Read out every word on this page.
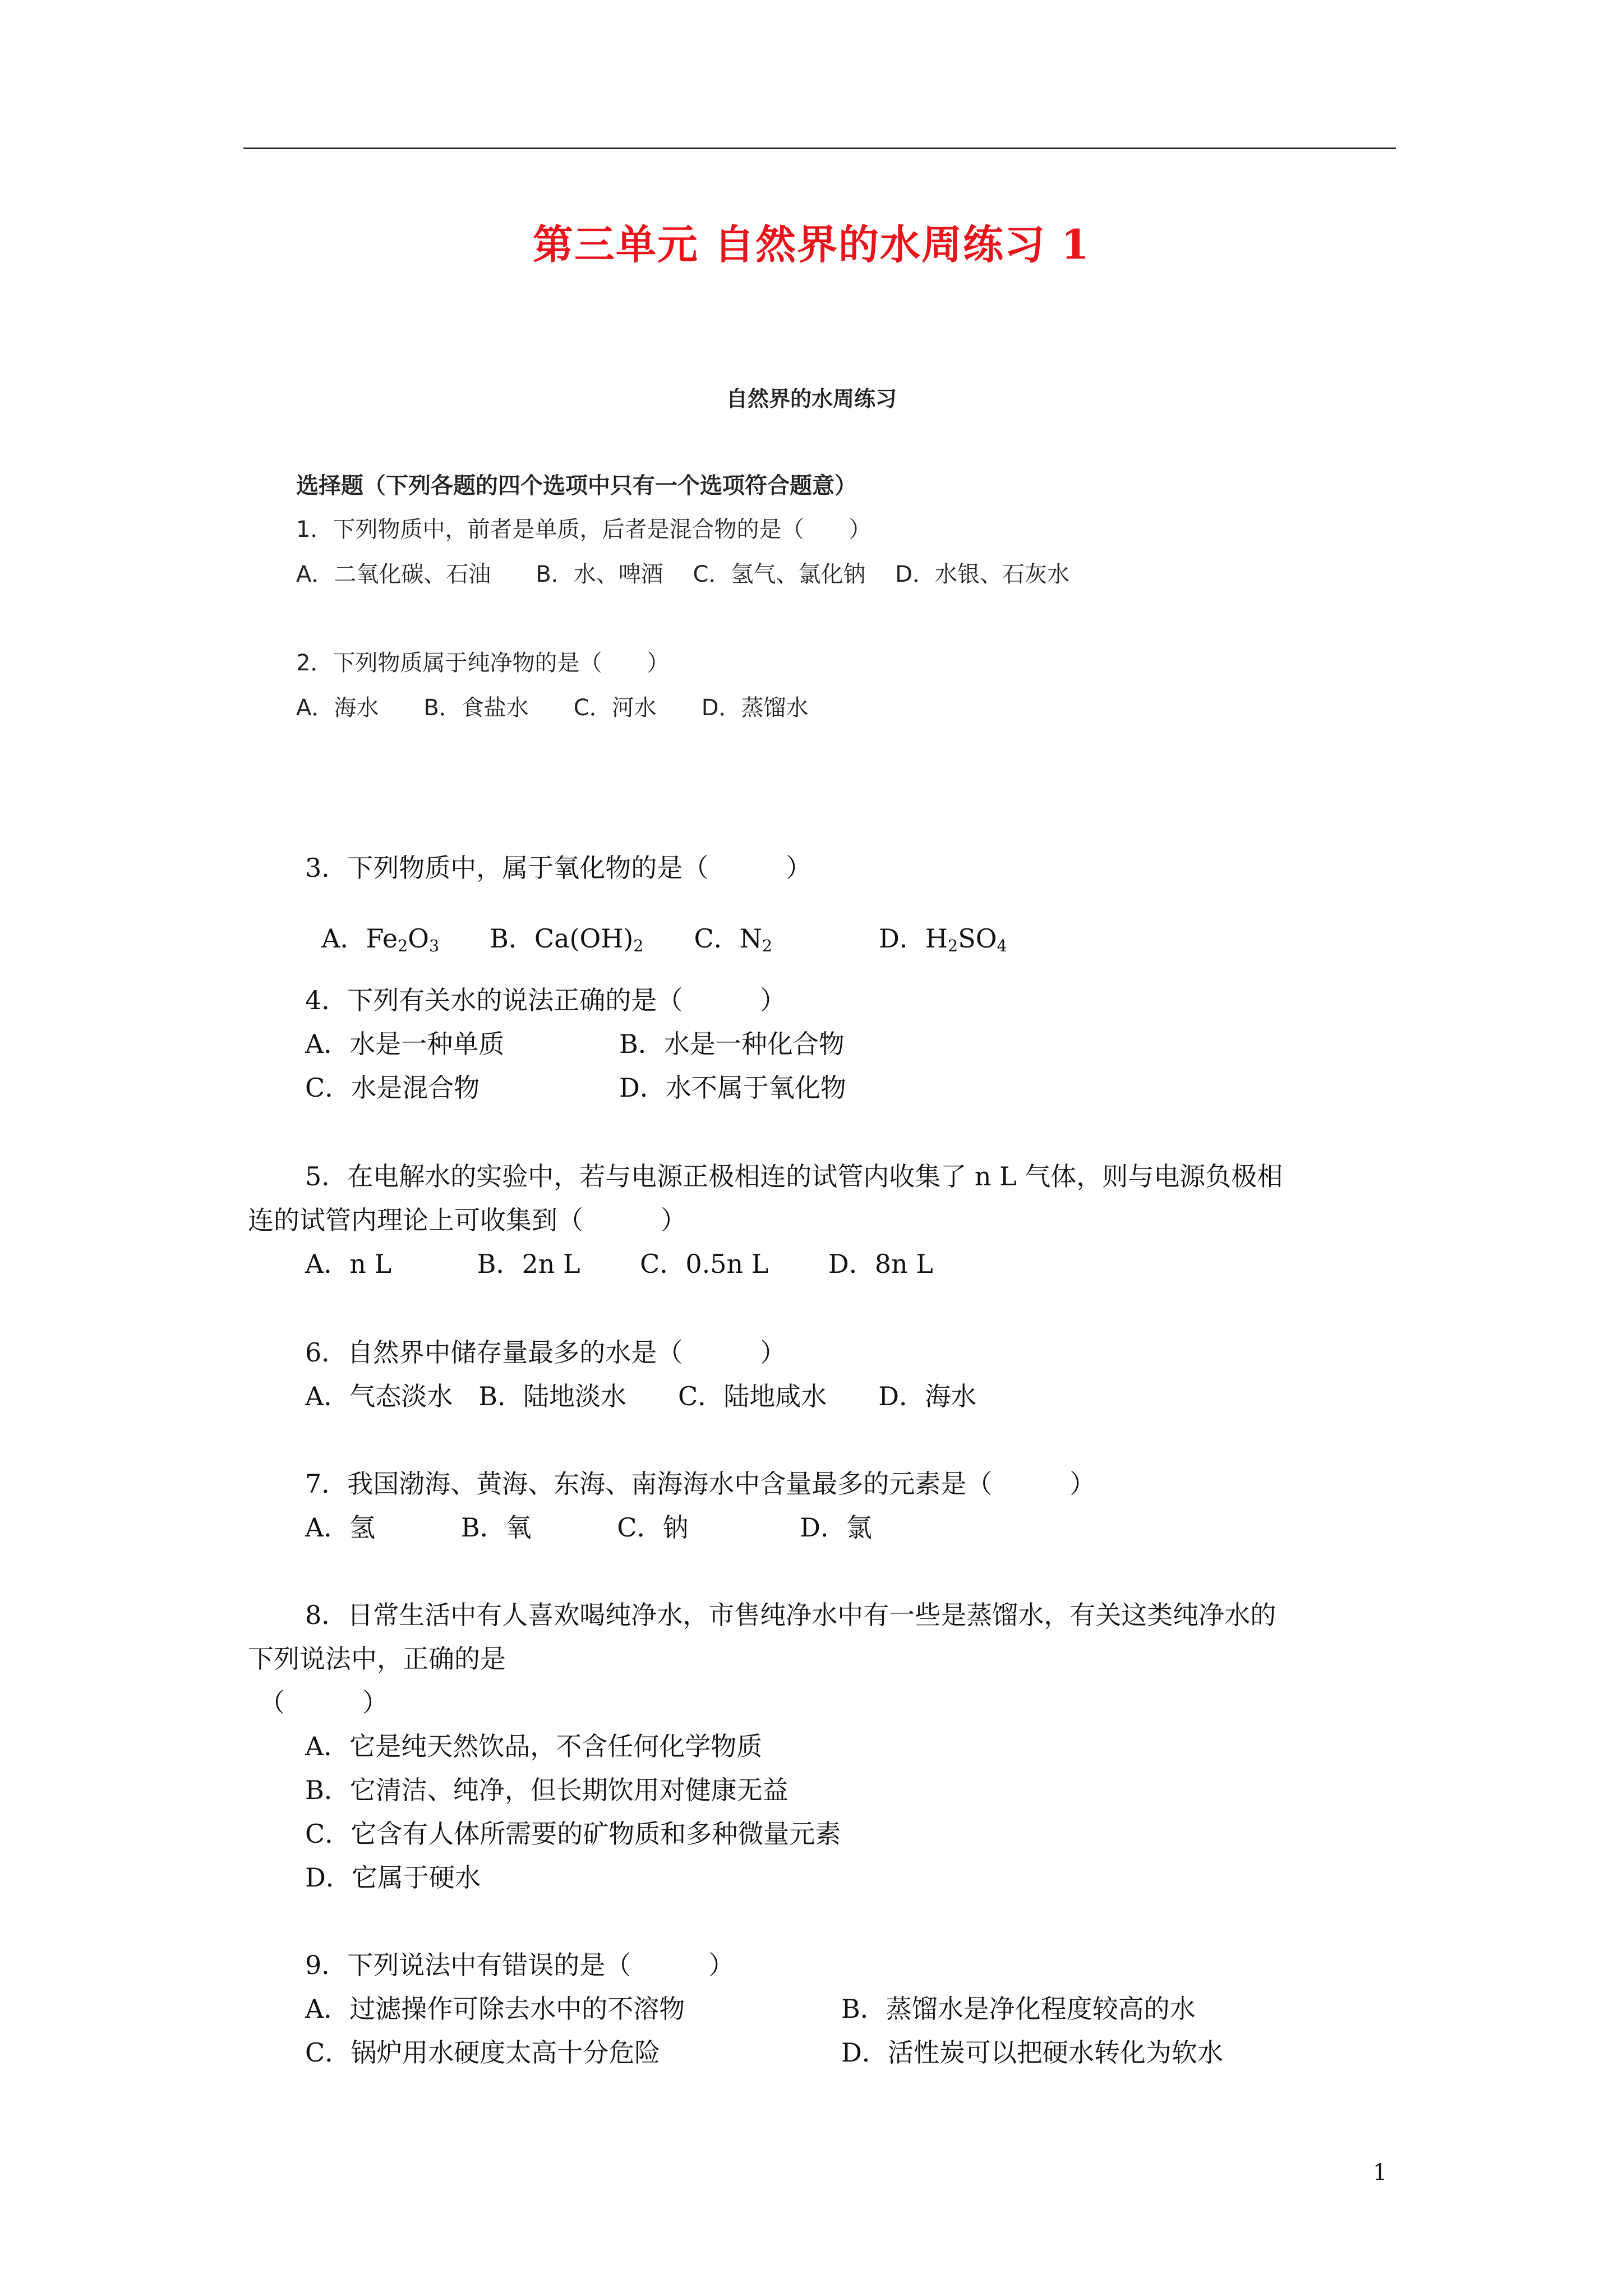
第三单元 自然界的水周练习 1
自然界的水周练习
选择题（下列各题的四个选项中只有一个选项符合题意）
1．下列物质中，前者是单质，后者是混合物的是（　　）
A．二氧化碳、石油　　B．水、啤酒　 C．氢气、氯化钠　 D．水银、石灰水
2．下列物质属于纯净物的是（　　）
A．海水　　B．食盐水　　C．河水　　D．蒸馏水
3．下列物质中，属于氧化物的是（　　　）

A．$Fe_2O_3$ B．$Ca(OH)_2$ C．$N_2$	D．$H_2SO_4$

4．下列有关水的说法正确的是（　　　）
A．水是一种单质	B．水是一种化合物
C．水是混合物	D．水不属于氧化物
5．在电解水的实验中，若与电源正极相连的试管内收集了 n L 气体，则与电源负极相
连的试管内理论上可收集到（　　　）
A．n L　　　 B．2n L　　 C．0.5n L　　 D．8n L
6．自然界中储存量最多的水是（　　　）
A．气态淡水　B．陆地淡水　　C．陆地咸水　　D．海水
7．我国渤海、黄海、东海、南海海水中含量最多的元素是（　　　）
A．氢　　　 B．氧　　　 C．钠　　　　 D．氯
8．日常生活中有人喜欢喝纯净水，市售纯净水中有一些是蒸馏水，有关这类纯净水的
下列说法中，正确的是
（　　　）
A．它是纯天然饮品，不含任何化学物质
B．它清洁、纯净，但长期饮用对健康无益
C．它含有人体所需要的矿物质和多种微量元素
D．它属于硬水
9．下列说法中有错误的是（　　　）
A．过滤操作可除去水中的不溶物	B．蒸馏水是净化程度较高的水
C．锅炉用水硬度太高十分危险	D．活性炭可以把硬水转化为软水
1
